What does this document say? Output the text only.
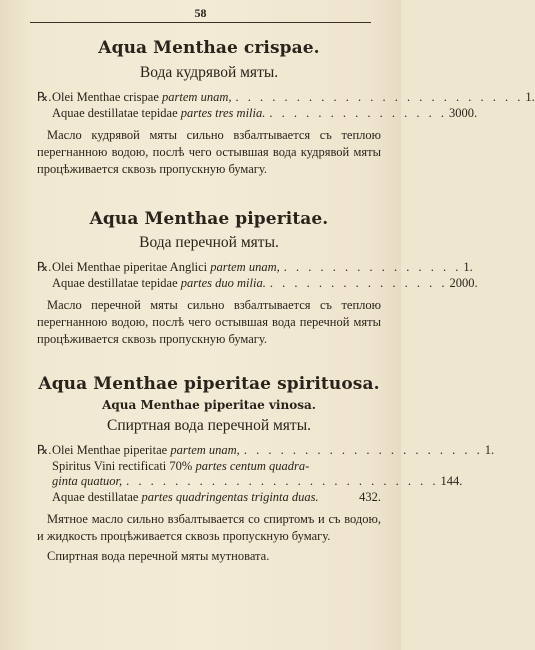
58
Aqua Menthae crispae.
Вода кудрявой мяты.
℞. Olei Menthae crispae partem unam, . . . . . . . . . . . . . . . . . . . . . . . . 1.
Aquae destillatae tepidae partes tres milia. . . . . . . . . . . . . . . . 3000.

Масло кудрявой мяты сильно взбалтывается съ теплою перегнанною водою, послѣ чего остывшая вода кудрявой мяты процѣживается сквозь пропускную бумагу.

Aqua Menthae piperitae.
Вода перечной мяты.
℞. Olei Menthae piperitae Anglici partem unam, . . . . . . . . . . . . . . . 1.
Aquae destillatae tepidae partes duo milia. . . . . . . . . . . . . . . . 2000.

Масло перечной мяты сильно взбалтывается съ теплою перегнанною водою, послѣ чего остывшая вода перечной мяты процѣживается сквозь пропускную бумагу.

Aqua Menthae piperitae spirituosa.
Aqua Menthae piperitae vinosa.
Спиртная вода перечной мяты.
℞. Olei Menthae piperitae partem unam, . . . . . . . . . . . . . . . . . . . . 1.
Spiritus Vini rectificati 70% partes centum quadra-
ginta quatuor, . . . . . . . . . . . . . . . . . . . . . . . . . . 144.
Aquae destillatae partes quadringentas triginta duas.	432.

Мятное масло сильно взбалтывается со спиртомъ и съ водою, и жидкость процѣживается сквозь пропускную бумагу.

Спиртная вода перечной мяты мутновата.
